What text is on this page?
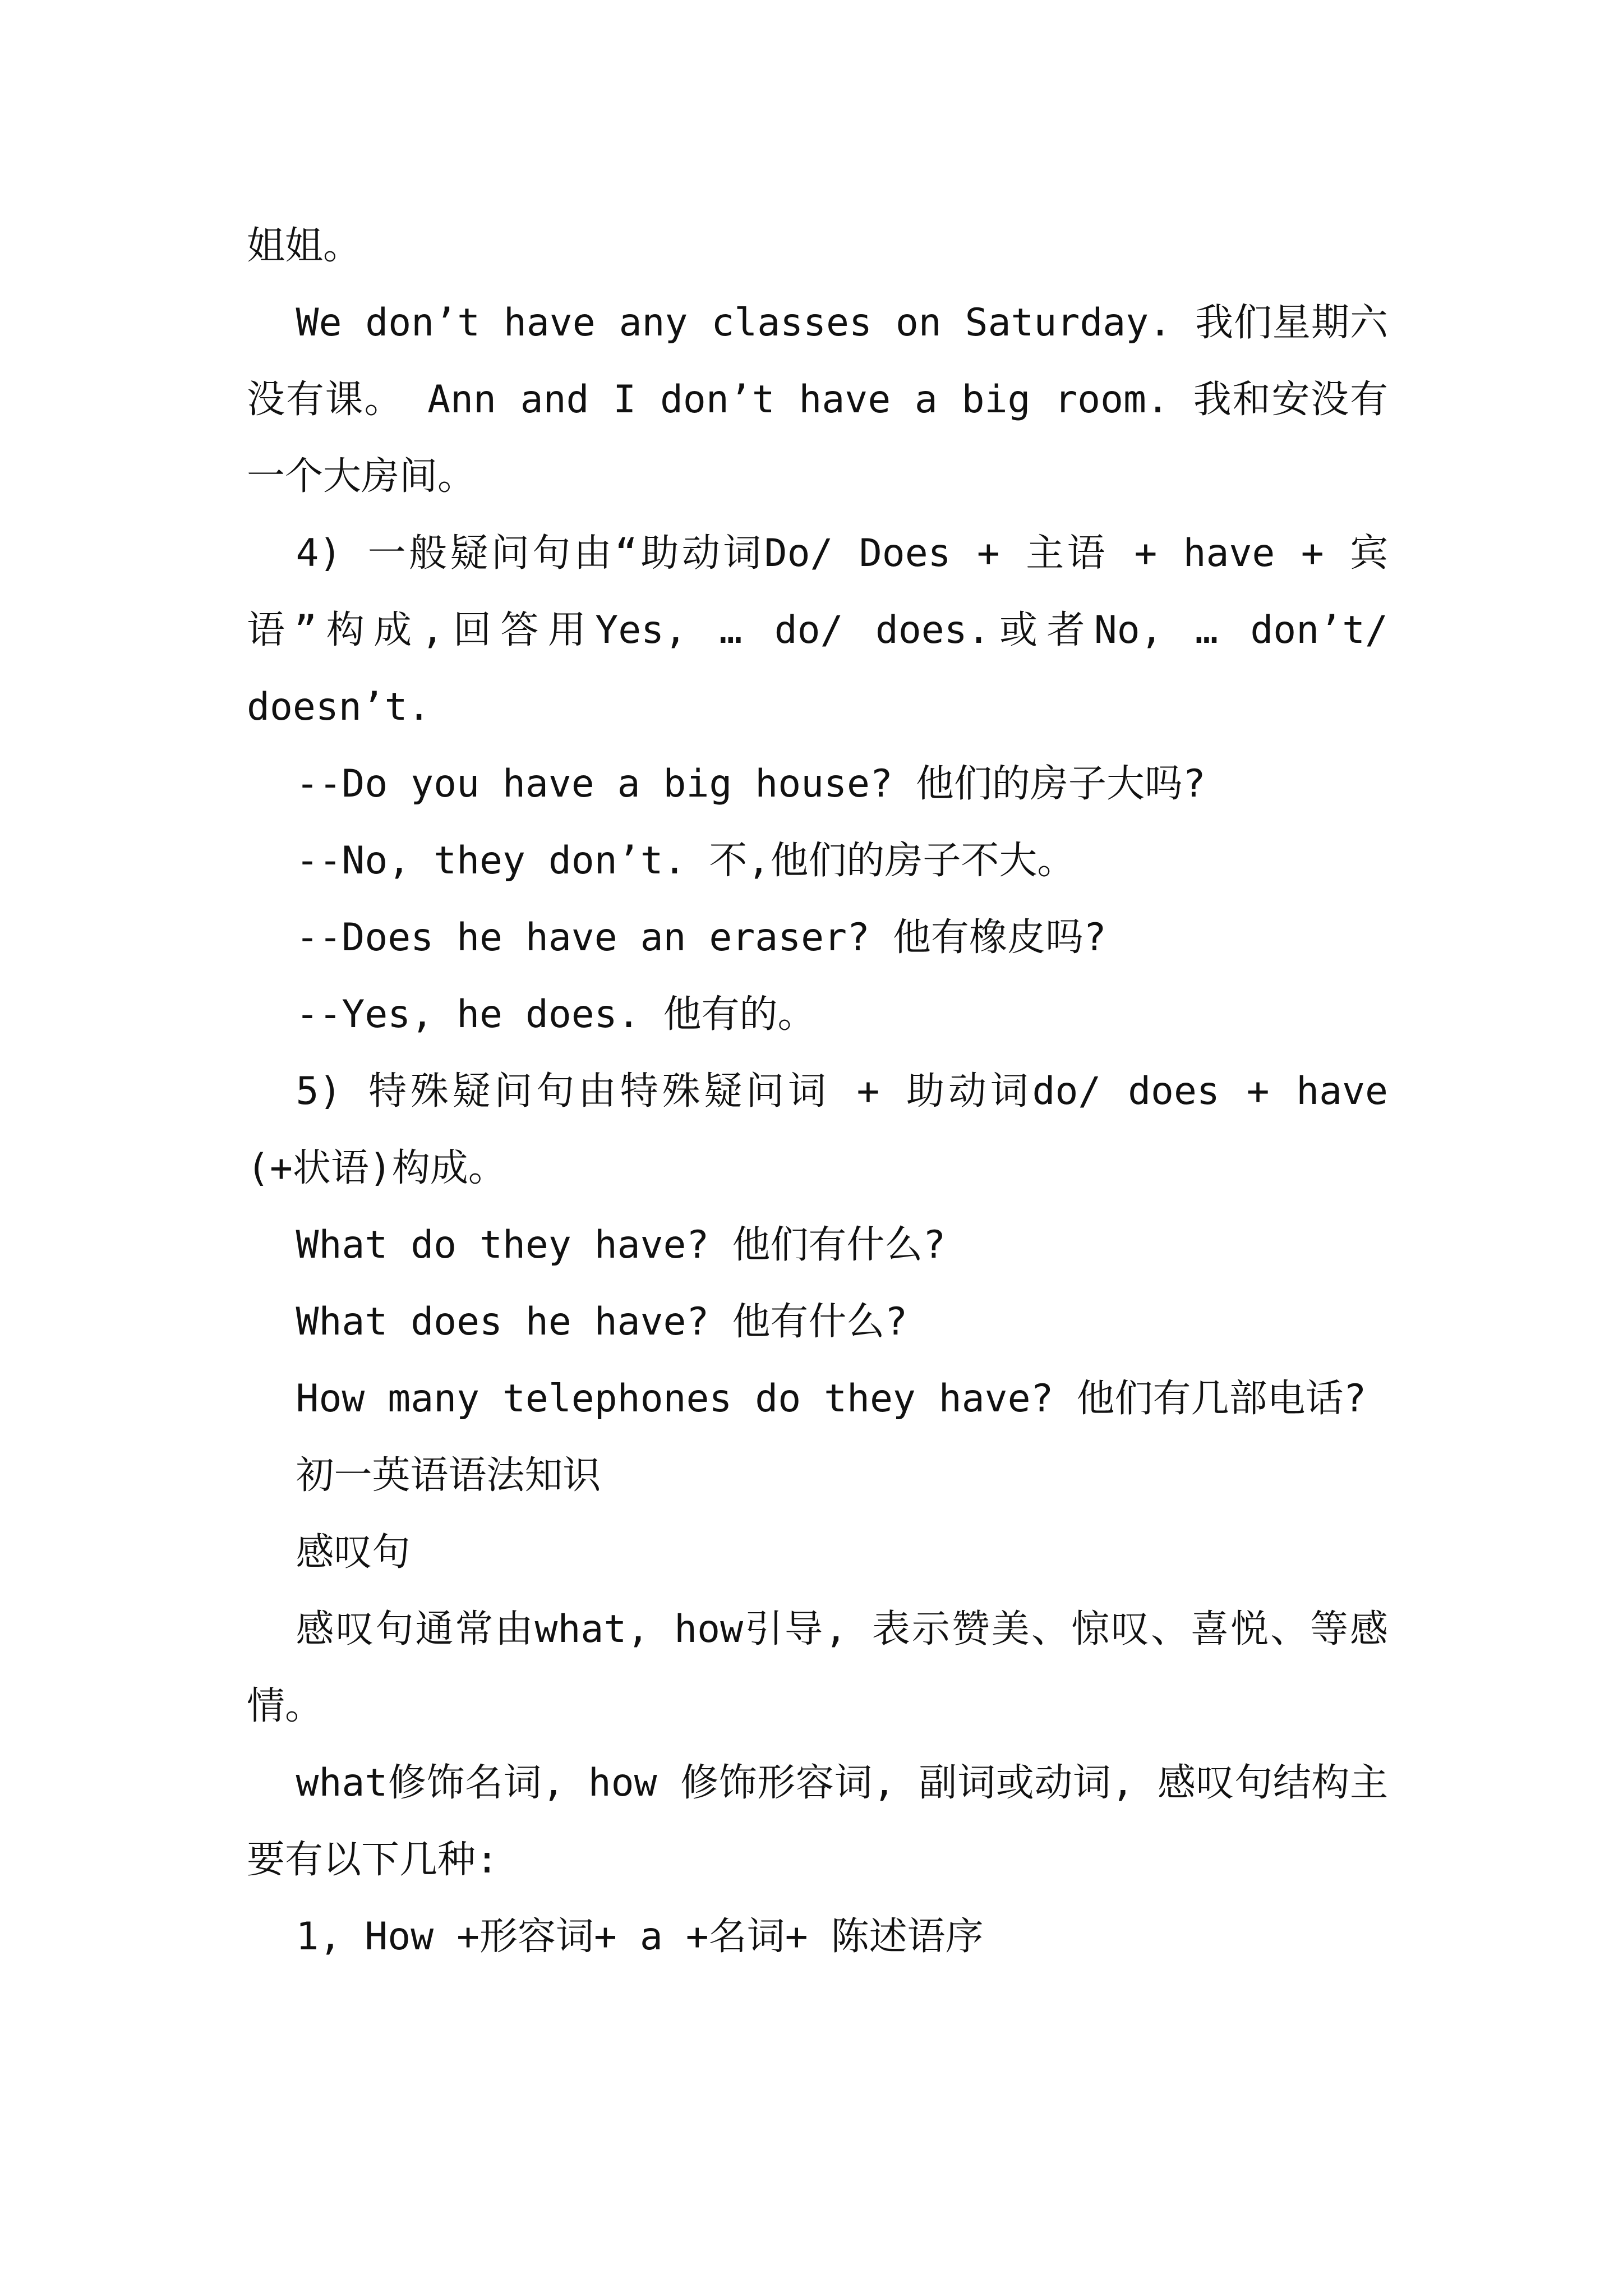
姐姐。

We don’t have any classes on Saturday. 我们星期六没有课。 Ann and I don’t have a big room. 我和安没有一个大房间。

4) 一般疑问句由“助动词Do/ Does + 主语 + have + 宾语”构成,回答用Yes, … do/ does.或者No, … don’t/ doesn’t.

--Do you have a big house? 他们的房子大吗?

--No, they don’t. 不,他们的房子不大。

--Does he have an eraser? 他有橡皮吗?

--Yes, he does. 他有的。

5) 特殊疑问句由特殊疑问词 + 助动词do/ does + have (+状语)构成。

What do they have? 他们有什么?

What does he have? 他有什么?

How many telephones do they have? 他们有几部电话?

初一英语语法知识

感叹句

感叹句通常由what, how引导, 表示赞美、惊叹、喜悦、等感情。

what修饰名词, how 修饰形容词, 副词或动词, 感叹句结构主要有以下几种:

1, How +形容词+ a +名词+ 陈述语序
